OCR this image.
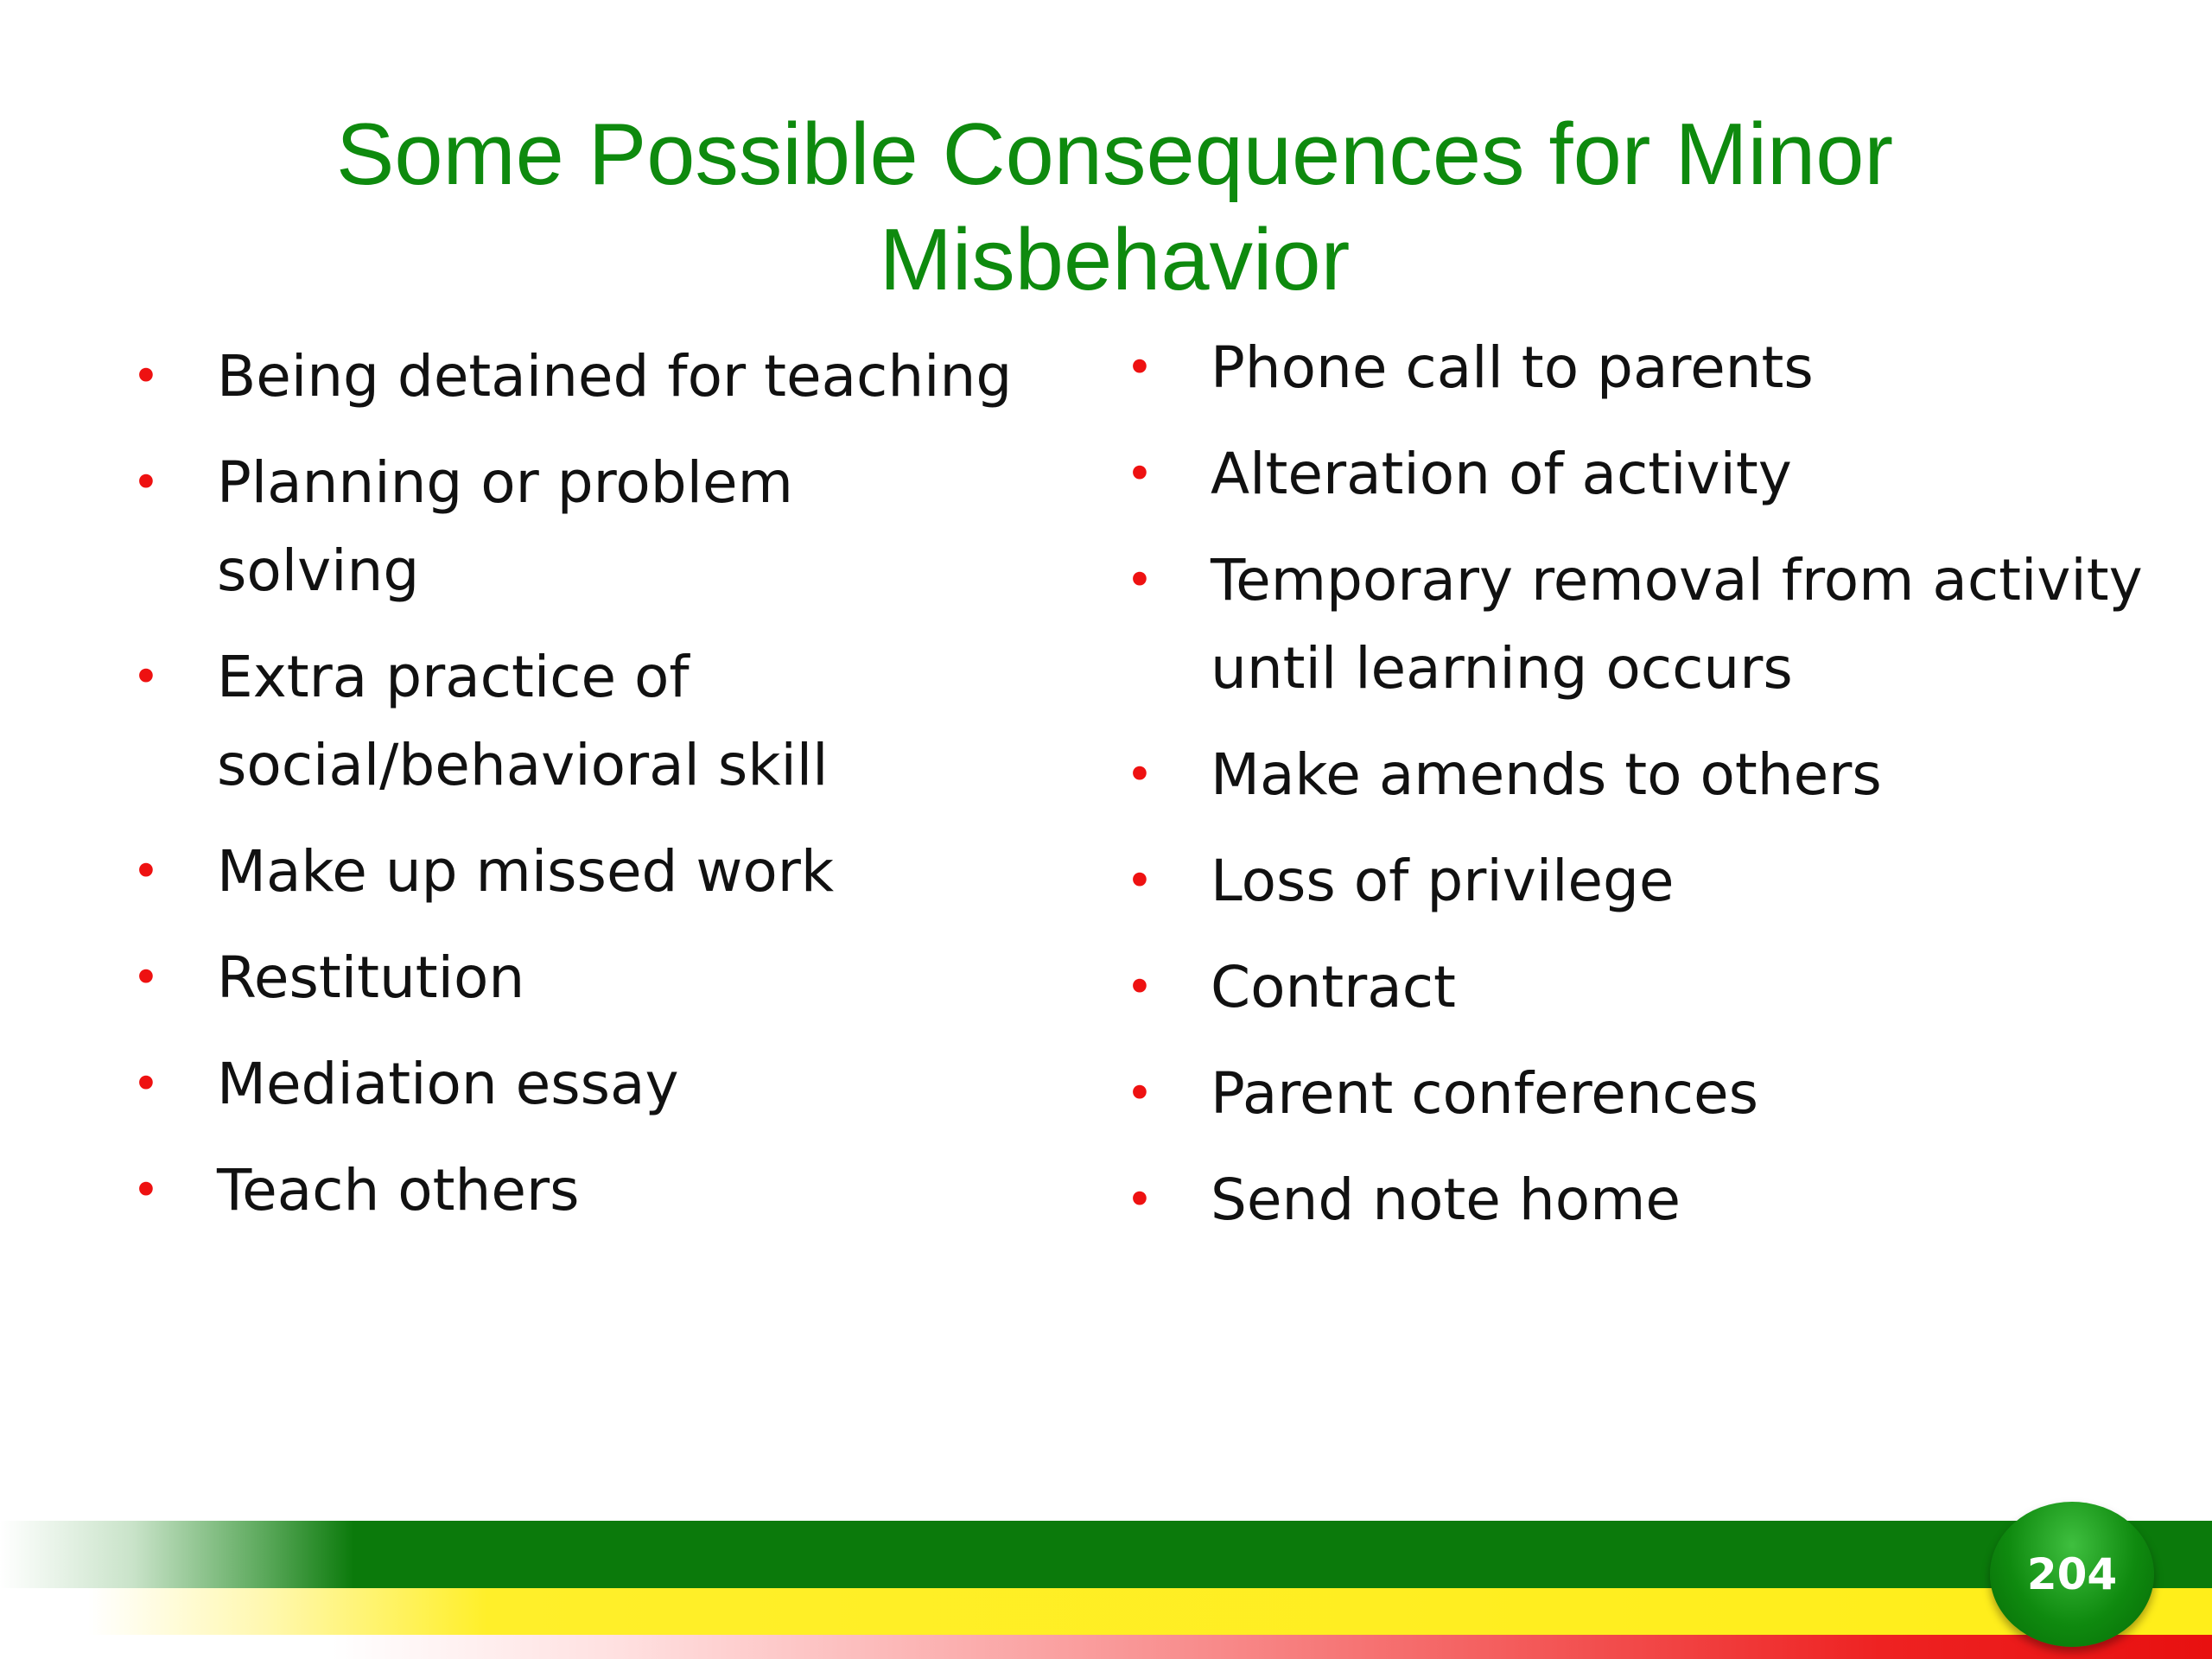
Some Possible Consequences for Minor
Misbehavior
• Being detained for teaching
• Planning or problem solving
• Extra practice of social/behavioral skill
• Make up missed work
• Restitution
• Mediation essay
• Teach others
• Phone call to parents
• Alteration of activity
• Temporary removal from activity until learning occurs
• Make amends to others
• Loss of privilege
• Contract
• Parent conferences
• Send note home
204
